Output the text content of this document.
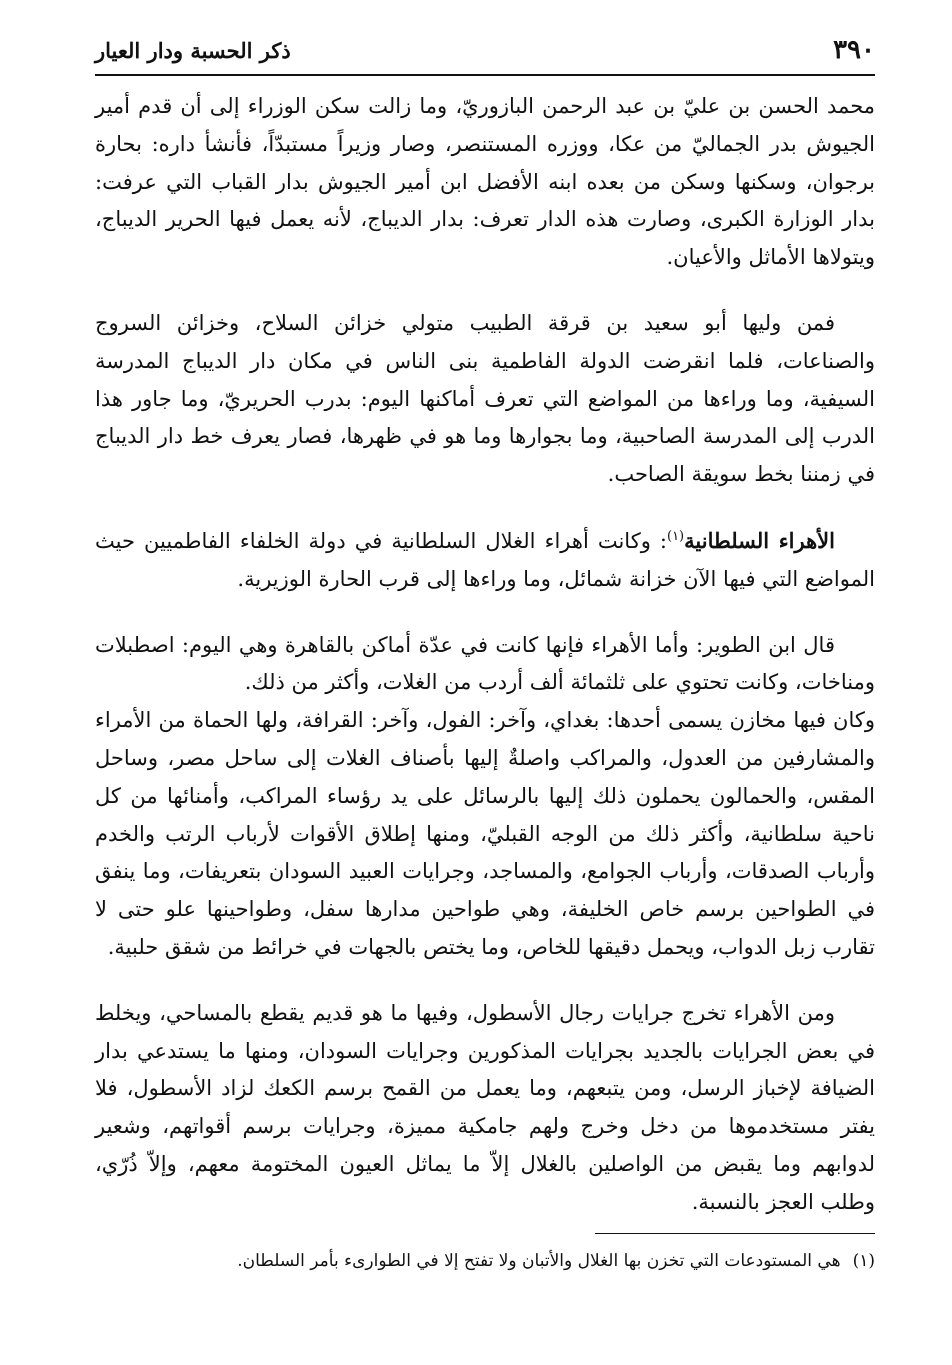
٣٩٠
ذكر الحسبة ودار العيار

محمد الحسن بن عليّ بن عبد الرحمن البازوريّ، وما زالت سكن الوزراء إلى أن قدم أمير الجيوش بدر الجماليّ من عكا، ووزره المستنصر، وصار وزيراً مستبدّاً، فأنشأ داره: بحارة برجوان، وسكنها وسكن من بعده ابنه الأفضل ابن أمير الجيوش بدار القباب التي عرفت: بدار الوزارة الكبرى، وصارت هذه الدار تعرف: بدار الديباج، لأنه يعمل فيها الحرير الديباج، ويتولاها الأماثل والأعيان.

فمن وليها أبو سعيد بن قرقة الطبيب متولي خزائن السلاح، وخزائن السروج والصناعات، فلما انقرضت الدولة الفاطمية بنى الناس في مكان دار الديباج المدرسة السيفية، وما وراءها من المواضع التي تعرف أماكنها اليوم: بدرب الحريريّ، وما جاور هذا الدرب إلى المدرسة الصاحبية، وما بجوارها وما هو في ظهرها، فصار يعرف خط دار الديباج في زمننا بخط سويقة الصاحب.

الأهراء السلطانية$^{(١)}$: وكانت أهراء الغلال السلطانية في دولة الخلفاء الفاطميين حيث المواضع التي فيها الآن خزانة شمائل، وما وراءها إلى قرب الحارة الوزيرية.

قال ابن الطوير: وأما الأهراء فإنها كانت في عدّة أماكن بالقاهرة وهي اليوم: اصطبلات ومناخات، وكانت تحتوي على ثلثمائة ألف أردب من الغلات، وأكثر من ذلك.

وكان فيها مخازن يسمى أحدها: بغداي، وآخر: الفول، وآخر: القرافة، ولها الحماة من الأمراء والمشارفين من العدول، والمراكب واصلةٌ إليها بأصناف الغلات إلى ساحل مصر، وساحل المقس، والحمالون يحملون ذلك إليها بالرسائل على يد رؤساء المراكب، وأمنائها من كل ناحية سلطانية، وأكثر ذلك من الوجه القبليّ، ومنها إطلاق الأقوات لأرباب الرتب والخدم وأرباب الصدقات، وأرباب الجوامع، والمساجد، وجرايات العبيد السودان بتعريفات، وما ينفق في الطواحين برسم خاص الخليفة، وهي طواحين مدارها سفل، وطواحينها علو حتى لا تقارب زبل الدواب، ويحمل دقيقها للخاص، وما يختص بالجهات في خرائط من شقق حلبية.

ومن الأهراء تخرج جرايات رجال الأسطول، وفيها ما هو قديم يقطع بالمساحي، ويخلط في بعض الجرايات بالجديد بجرايات المذكورين وجرايات السودان، ومنها ما يستدعي بدار الضيافة لإخباز الرسل، ومن يتبعهم، وما يعمل من القمح برسم الكعك لزاد الأسطول، فلا يفتر مستخدموها من دخل وخرج ولهم جامكية مميزة، وجرايات برسم أقواتهم، وشعير لدوابهم وما يقبض من الواصلين بالغلال إلاّ ما يماثل العيون المختومة معهم، وإلاّ ذُرّي، وطلب العجز بالنسبة.

(١)هي المستودعات التي تخزن بها الغلال والأتبان ولا تفتح إلا في الطوارىء بأمر السلطان.
